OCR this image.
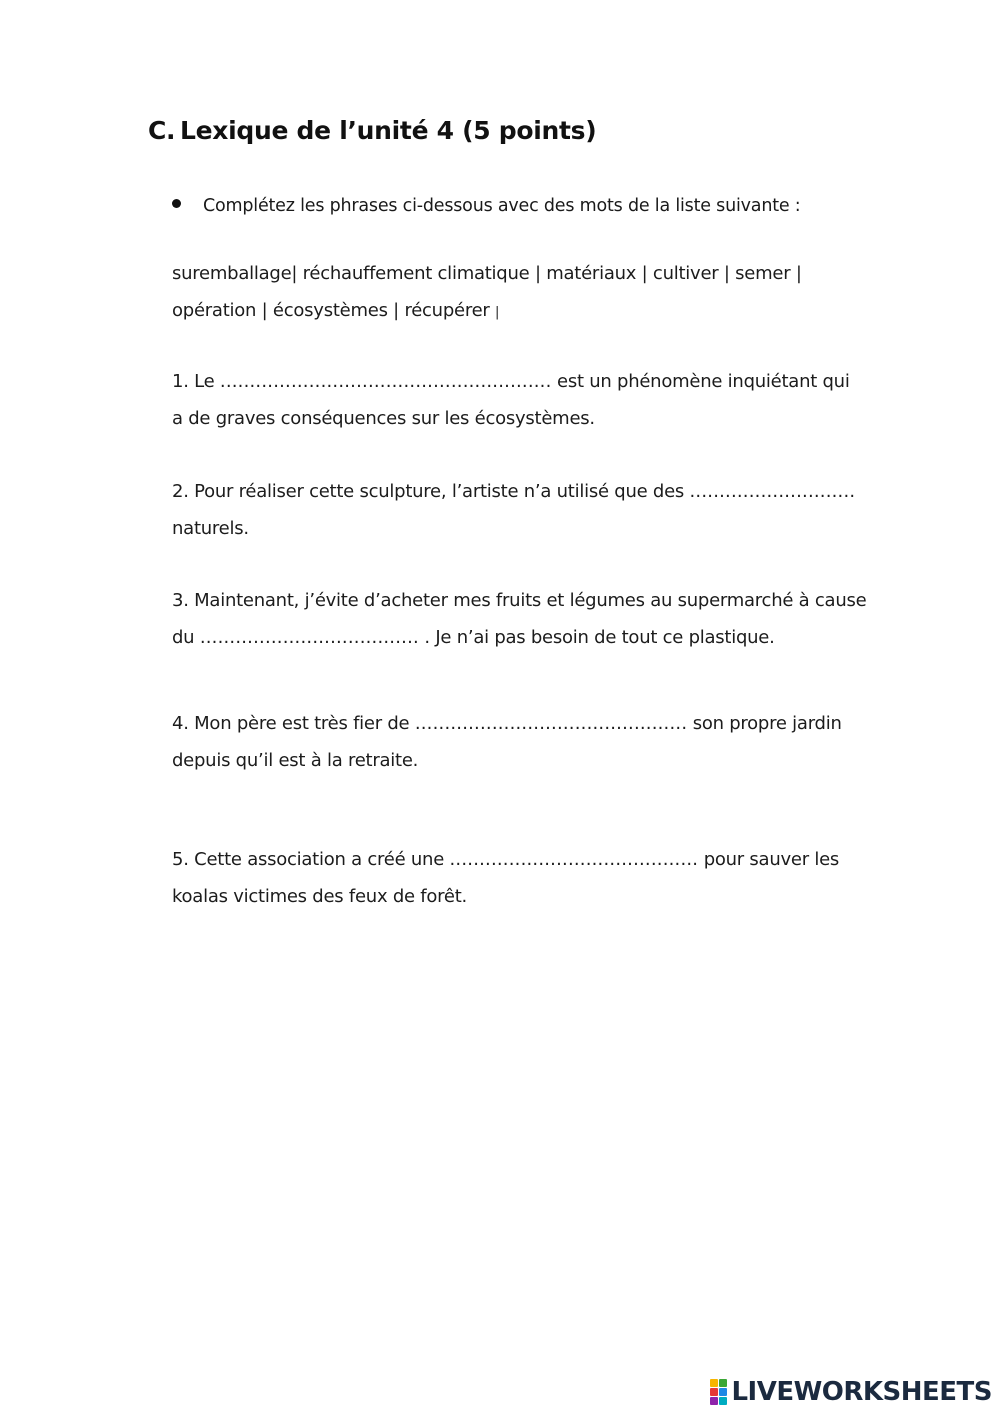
C. Lexique de l’unité 4 (5 points)
Complétez les phrases ci-dessous avec des mots de la liste suivante :
suremballage| réchauffement climatique | matériaux | cultiver | semer |
opération | écosystèmes | récupérer |
1. Le ........................................................ est un phénomène inquiétant qui
a de graves conséquences sur les écosystèmes.
2. Pour réaliser cette sculpture, l’artiste n’a utilisé que des ............................
naturels.
3. Maintenant, j’évite d’acheter mes fruits et légumes au supermarché à cause
du ..................................... . Je n’ai pas besoin de tout ce plastique.
4. Mon père est très fier de .............................................. son propre jardin
depuis qu’il est à la retraite.
5. Cette association a créé une .......................................... pour sauver les
koalas victimes des feux de forêt.
LIVEWORKSHEETS
